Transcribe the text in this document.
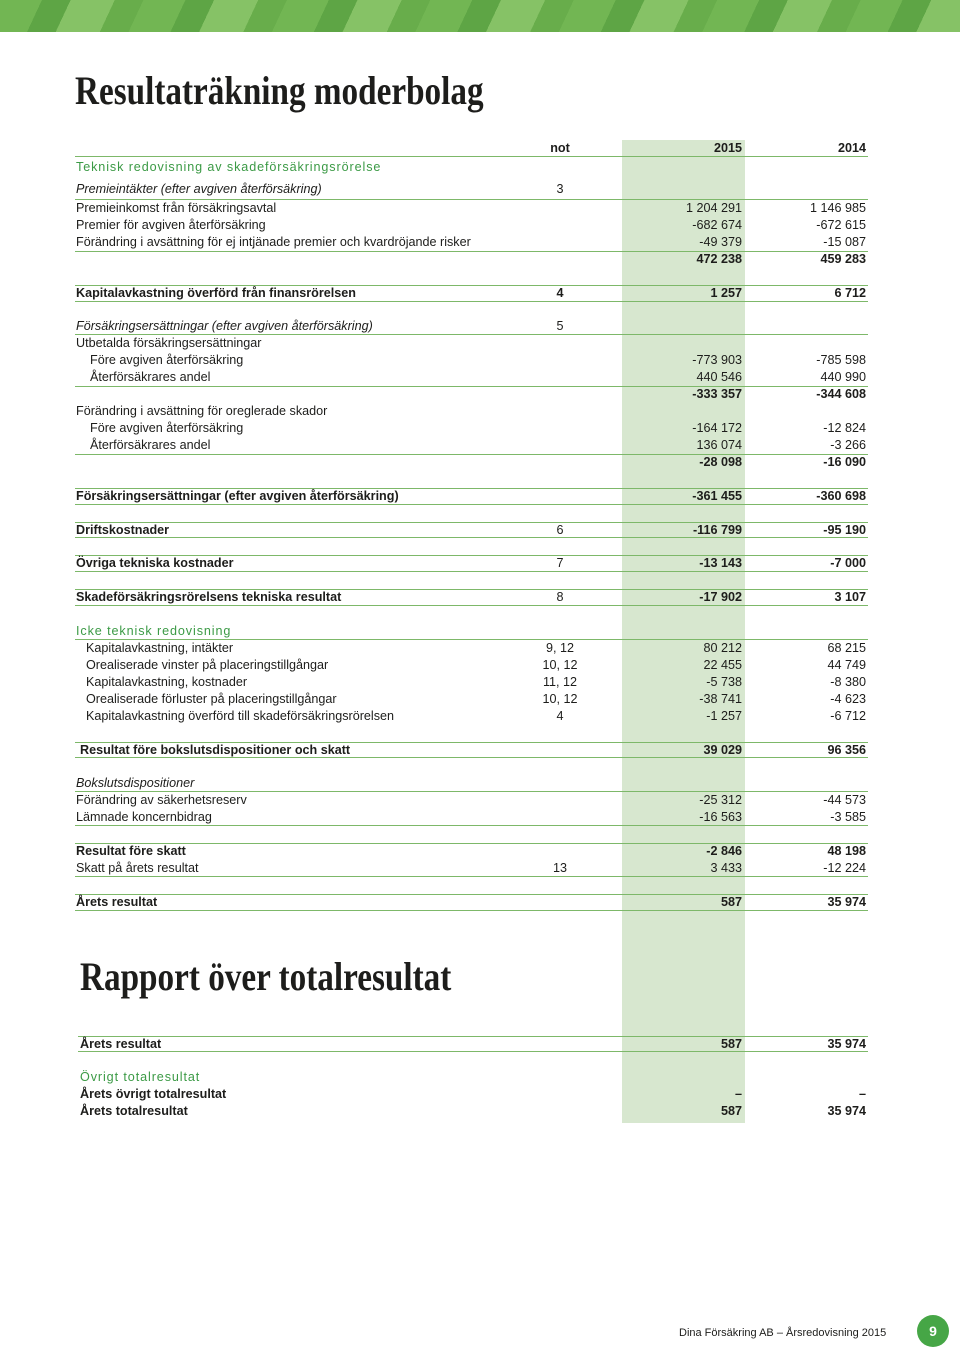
Resultaträkning moderbolag
not	2015	2014
Teknisk redovisning av skadeförsäkringsrörelse
Premieintäkter (efter avgiven återförsäkring)	3
Premieinkomst från försäkringsavtal	1 204 291	1 146 985
Premier för avgiven återförsäkring	-682 674	-672 615
Förändring i avsättning för ej intjänade premier och kvardröjande risker	-49 379	-15 087
472 238	459 283
Kapitalavkastning överförd från finansrörelsen	4	1 257	6 712
Försäkringsersättningar (efter avgiven återförsäkring)	5
Utbetalda försäkringsersättningar
Före avgiven återförsäkring	-773 903	-785 598
Återförsäkrares andel	440 546	440 990
-333 357	-344 608
Förändring i avsättning för oreglerade skador
Före avgiven återförsäkring	-164 172	-12 824
Återförsäkrares andel	136 074	-3 266
-28 098	-16 090
Försäkringsersättningar (efter avgiven återförsäkring)	-361 455	-360 698
Driftskostnader	6	-116 799	-95 190
Övriga tekniska kostnader	7	-13 143	-7 000
Skadeförsäkringsrörelsens tekniska resultat	8	-17 902	3 107
Icke teknisk redovisning
Kapitalavkastning, intäkter	9, 12	80 212	68 215
Orealiserade vinster på placeringstillgångar	10, 12	22 455	44 749
Kapitalavkastning, kostnader	11, 12	-5 738	-8 380
Orealiserade förluster på placeringstillgångar	10, 12	-38 741	-4 623
Kapitalavkastning överförd till skadeförsäkringsrörelsen	4	-1 257	-6 712
Resultat före bokslutsdispositioner och skatt	39 029	96 356
Bokslutsdispositioner
Förändring av säkerhetsreserv	-25 312	-44 573
Lämnade koncernbidrag	-16 563	-3 585
Resultat före skatt	-2 846	48 198
Skatt på årets resultat	13	3 433	-12 224
Årets resultat	587	35 974
Rapport över totalresultat
Årets resultat	587	35 974
Övrigt totalresultat
Årets övrigt totalresultat	–	–
Årets totalresultat	587	35 974
Dina Försäkring AB – Årsredovisning 2015	9
